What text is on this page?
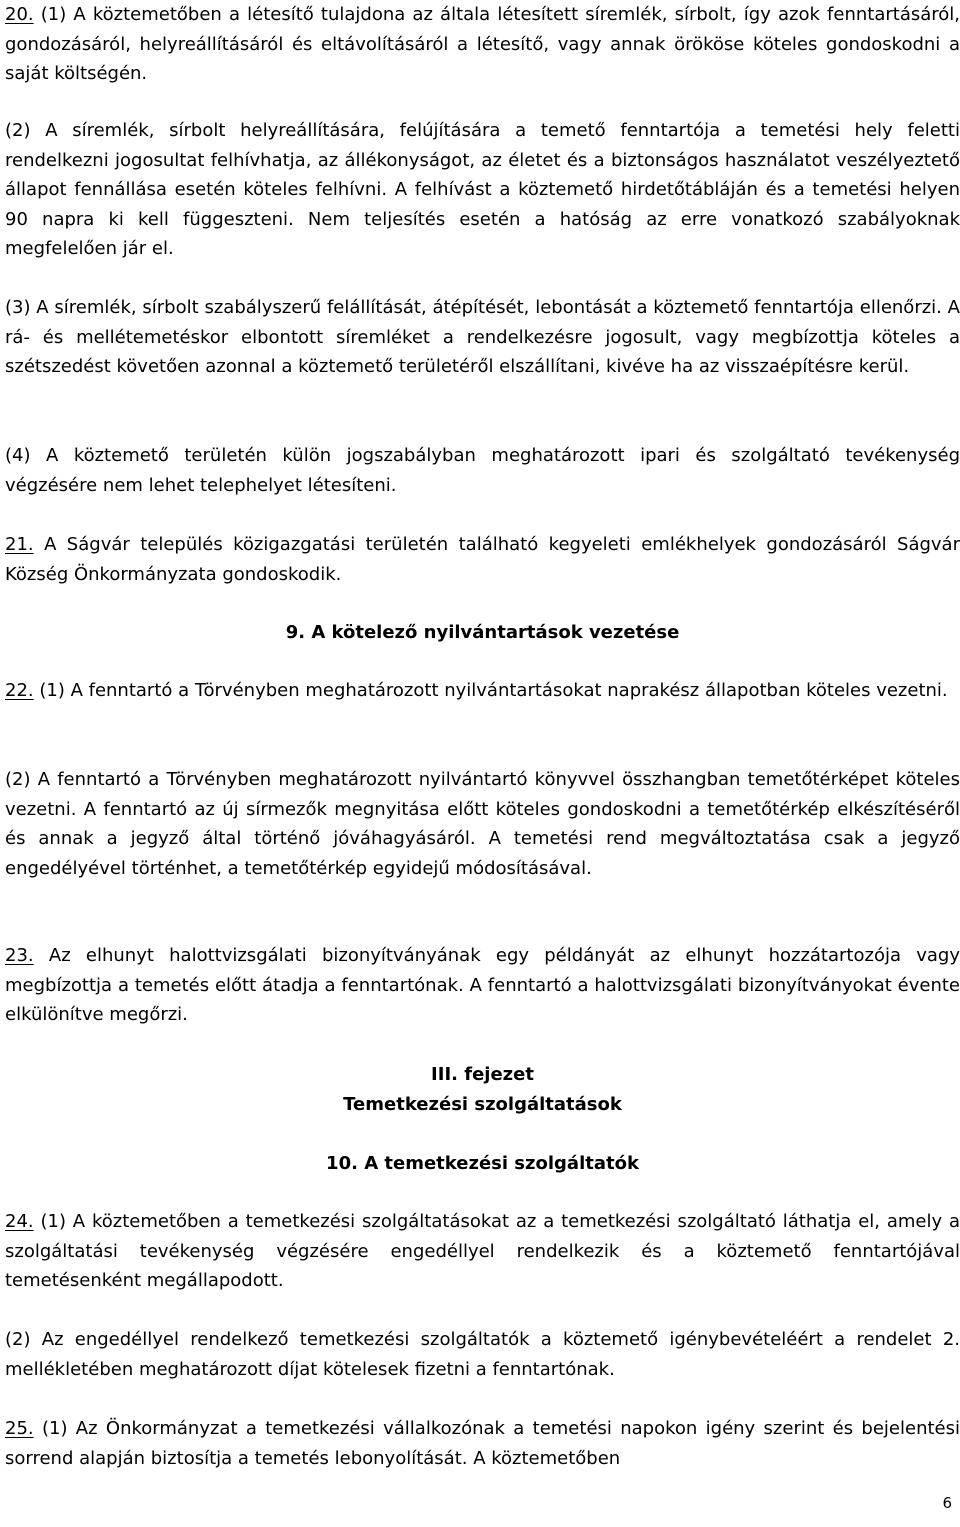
20. (1) A köztemetőben a létesítő tulajdona az általa létesített síremlék, sírbolt, így azok fenntartásáról, gondozásáról, helyreállításáról és eltávolításáról a létesítő, vagy annak örököse köteles gondoskodni a saját költségén.

(2) A síremlék, sírbolt helyreállítására, felújítására a temető fenntartója a temetési hely feletti rendelkezni jogosultat felhívhatja, az állékonyságot, az életet és a biztonságos használatot veszélyeztető állapot fennállása esetén köteles felhívni. A felhívást a köztemető hirdetőtábláján és a temetési helyen 90 napra ki kell függeszteni. Nem teljesítés esetén a hatóság az erre vonatkozó szabályoknak megfelelően jár el.

(3) A síremlék, sírbolt szabályszerű felállítását, átépítését, lebontását a köztemető fenntartója ellenőrzi. A rá- és mellétemetéskor elbontott síremléket a rendelkezésre jogosult, vagy megbízottja köteles a szétszedést követően azonnal a köztemető területéről elszállítani, kivéve ha az visszaépítésre kerül.

(4) A köztemető területén külön jogszabályban meghatározott ipari és szolgáltató tevékenység végzésére nem lehet telephelyet létesíteni.

21. A Ságvár település közigazgatási területén található kegyeleti emlékhelyek gondozásáról Ságvár Község Önkormányzata gondoskodik.

9. A kötelező nyilvántartások vezetése

22. (1) A fenntartó a Törvényben meghatározott nyilvántartásokat naprakész állapotban köteles vezetni.

(2) A fenntartó a Törvényben meghatározott nyilvántartó könyvvel összhangban temetőtérképet köteles vezetni. A fenntartó az új sírmezők megnyitása előtt köteles gondoskodni a temetőtérkép elkészítéséről és annak a jegyző által történő jóváhagyásáról. A temetési rend megváltoztatása csak a jegyző engedélyével történhet, a temetőtérkép egyidejű módosításával.

23. Az elhunyt halottvizsgálati bizonyítványának egy példányát az elhunyt hozzátartozója vagy megbízottja a temetés előtt átadja a fenntartónak. A fenntartó a halottvizsgálati bizonyítványokat évente elkülönítve megőrzi.

III. fejezet
Temetkezési szolgáltatások
10. A temetkezési szolgáltatók

24. (1) A köztemetőben a temetkezési szolgáltatásokat az a temetkezési szolgáltató láthatja el, amely a szolgáltatási tevékenység végzésére engedéllyel rendelkezik és a köztemető fenntartójával temetésenként megállapodott.

(2) Az engedéllyel rendelkező temetkezési szolgáltatók a köztemető igénybevételéért a rendelet 2. mellékletében meghatározott díjat kötelesek fizetni a fenntartónak.

25. (1) Az Önkormányzat a temetkezési vállalkozónak a temetési napokon igény szerint és bejelentési sorrend alapján biztosítja a temetés lebonyolítását. A köztemetőben

6
